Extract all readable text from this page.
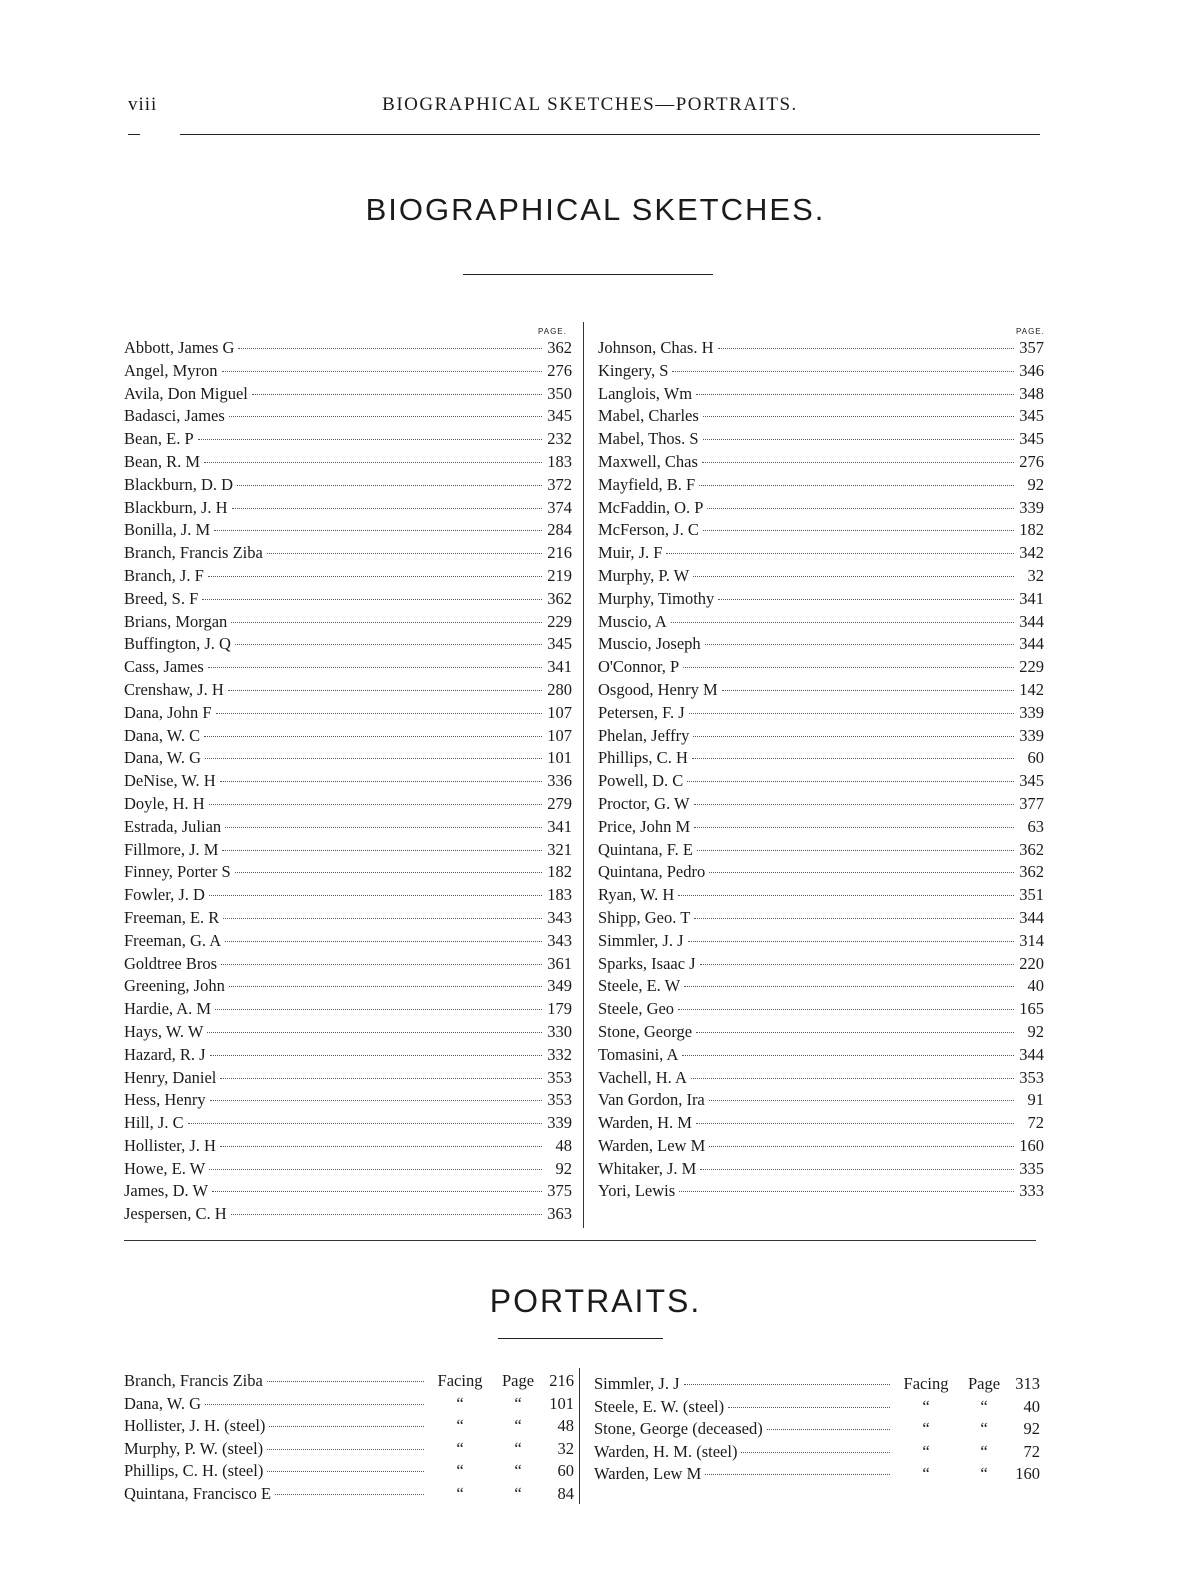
viii	BIOGRAPHICAL SKETCHES—PORTRAITS.
BIOGRAPHICAL SKETCHES.
PAGE.	PAGE.
Abbott, James G	362
Angel, Myron	276
Avila, Don Miguel	350
Badasci, James	345
Bean, E. P	232
Bean, R. M	183
Blackburn, D. D	372
Blackburn, J. H	374
Bonilla, J. M	284
Branch, Francis Ziba	216
Branch, J. F	219
Breed, S. F	362
Brians, Morgan	229
Buffington, J. Q	345
Cass, James	341
Crenshaw, J. H	280
Dana, John F	107
Dana, W. C	107
Dana, W. G	101
DeNise, W. H	336
Doyle, H. H	279
Estrada, Julian	341
Fillmore, J. M	321
Finney, Porter S	182
Fowler, J. D	183
Freeman, E. R	343
Freeman, G. A	343
Goldtree Bros	361
Greening, John	349
Hardie, A. M	179
Hays, W. W	330
Hazard, R. J	332
Henry, Daniel	353
Hess, Henry	353
Hill, J. C	339
Hollister, J. H	48
Howe, E. W	92
James, D. W	375
Jespersen, C. H	363
Johnson, Chas. H	357
Kingery, S	346
Langlois, Wm	348
Mabel, Charles	345
Mabel, Thos. S	345
Maxwell, Chas	276
Mayfield, B. F	92
McFaddin, O. P	339
McFerson, J. C	182
Muir, J. F	342
Murphy, P. W	32
Murphy, Timothy	341
Muscio, A	344
Muscio, Joseph	344
O'Connor, P	229
Osgood, Henry M	142
Petersen, F. J	339
Phelan, Jeffry	339
Phillips, C. H	60
Powell, D. C	345
Proctor, G. W	377
Price, John M	63
Quintana, F. E	362
Quintana, Pedro	362
Ryan, W. H	351
Shipp, Geo. T	344
Simmler, J. J	314
Sparks, Isaac J	220
Steele, E. W	40
Steele, Geo	165
Stone, George	92
Tomasini, A	344
Vachell, H. A	353
Van Gordon, Ira	91
Warden, H. M	72
Warden, Lew M	160
Whitaker, J. M	335
Yori, Lewis	333
PORTRAITS.
Branch, Francis Ziba	Facing	Page 216
Dana, W. G	“	“	101
Hollister, J. H. (steel)	“	“	48
Murphy, P. W. (steel)	“	“	32
Phillips, C. H. (steel)	“	“	60
Quintana, Francisco E	“	“	84
Simmler, J. J	Facing	Page 313
Steele, E. W. (steel)	“	“	40
Stone, George (deceased)	“	“	92
Warden, H. M. (steel)	“	“	72
Warden, Lew M	“	“	160
